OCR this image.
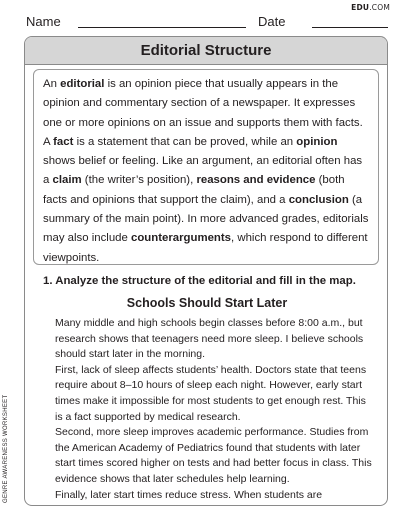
EDU.COM
Name	Date
Editorial Structure
An editorial is an opinion piece that usually appears in the opinion and commentary section of a newspaper. It expresses one or more opinions on an issue and supports them with facts. A fact is a statement that can be proved, while an opinion shows belief or feeling. Like an argument, an editorial often has a claim (the writer’s position), reasons and evidence (both facts and opinions that support the claim), and a conclusion (a summary of the main point). In more advanced grades, editorials may also include counterarguments, which respond to different viewpoints.
1. Analyze the structure of the editorial and fill in the map.
Schools Should Start Later

Many middle and high schools begin classes before 8:00 a.m., but research shows that teenagers need more sleep. I believe schools should start later in the morning.

First, lack of sleep affects students’ health. Doctors state that teens require about 8–10 hours of sleep each night. However, early start times make it impossible for most students to get enough rest. This is a fact supported by medical research.

Second, more sleep improves academic performance. Studies from the American Academy of Pediatrics found that students with later start times scored higher on tests and had better focus in class. This evidence shows that later schedules help learning.

Finally, later start times reduce stress. When students are

GENRE AWARENESS WORKSHEET
